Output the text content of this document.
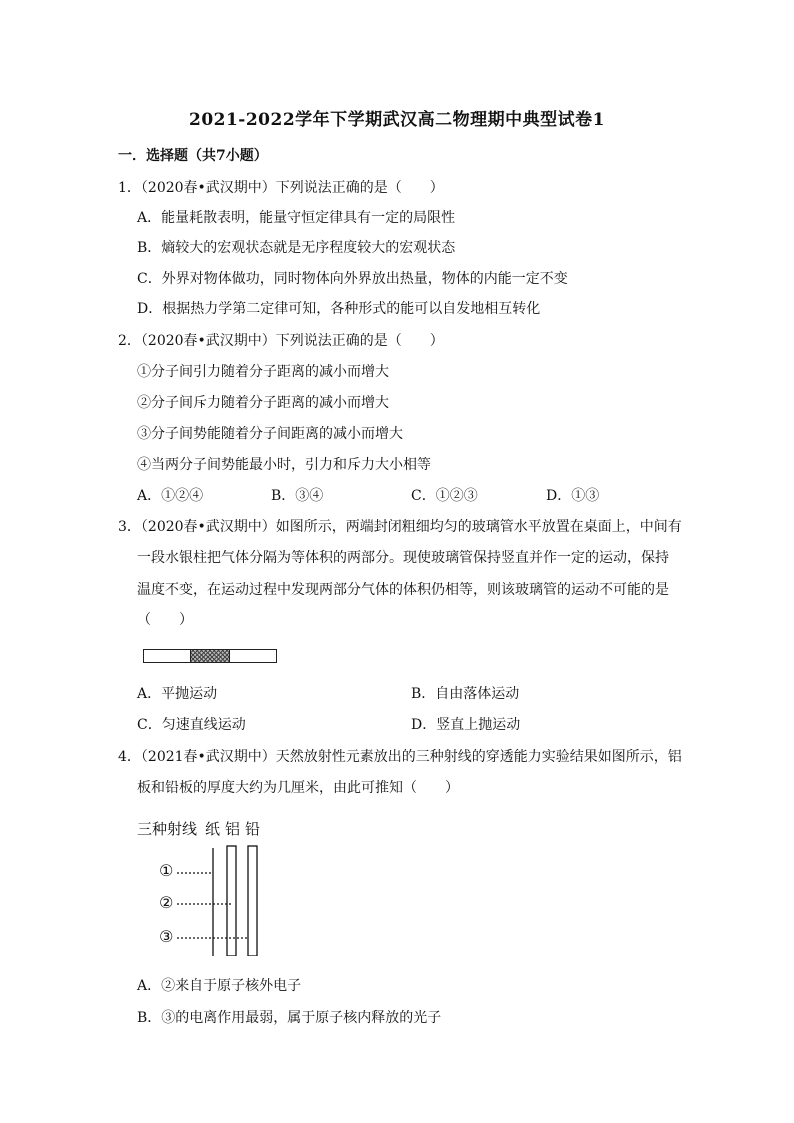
2021-2022学年下学期武汉高二物理期中典型试卷1
一．选择题（共7小题）
1．（2020春•武汉期中）下列说法正确的是（　　）
A．能量耗散表明，能量守恒定律具有一定的局限性
B．熵较大的宏观状态就是无序程度较大的宏观状态
C．外界对物体做功，同时物体向外界放出热量，物体的内能一定不变
D．根据热力学第二定律可知，各种形式的能可以自发地相互转化
2．（2020春•武汉期中）下列说法正确的是（　　）
①分子间引力随着分子距离的减小而增大
②分子间斥力随着分子距离的减小而增大
③分子间势能随着分子间距离的减小而增大
④当两分子间势能最小时，引力和斥力大小相等
A．①②④	B．③④	C．①②③	D．①③
3．（2020春•武汉期中）如图所示，两端封闭粗细均匀的玻璃管水平放置在桌面上，中间有
一段水银柱把气体分隔为等体积的两部分。现使玻璃管保持竖直并作一定的运动，保持
温度不变，在运动过程中发现两部分气体的体积仍相等，则该玻璃管的运动不可能的是
（　　）
A．平抛运动	B．自由落体运动
C．匀速直线运动	D．竖直上抛运动
4．（2021春•武汉期中）天然放射性元素放出的三种射线的穿透能力实验结果如图所示，铝
板和铅板的厚度大约为几厘米，由此可推知（　　）
三种射线 纸 铝 铅
①
②
③
A．②来自于原子核外电子
B．③的电离作用最弱，属于原子核内释放的光子
